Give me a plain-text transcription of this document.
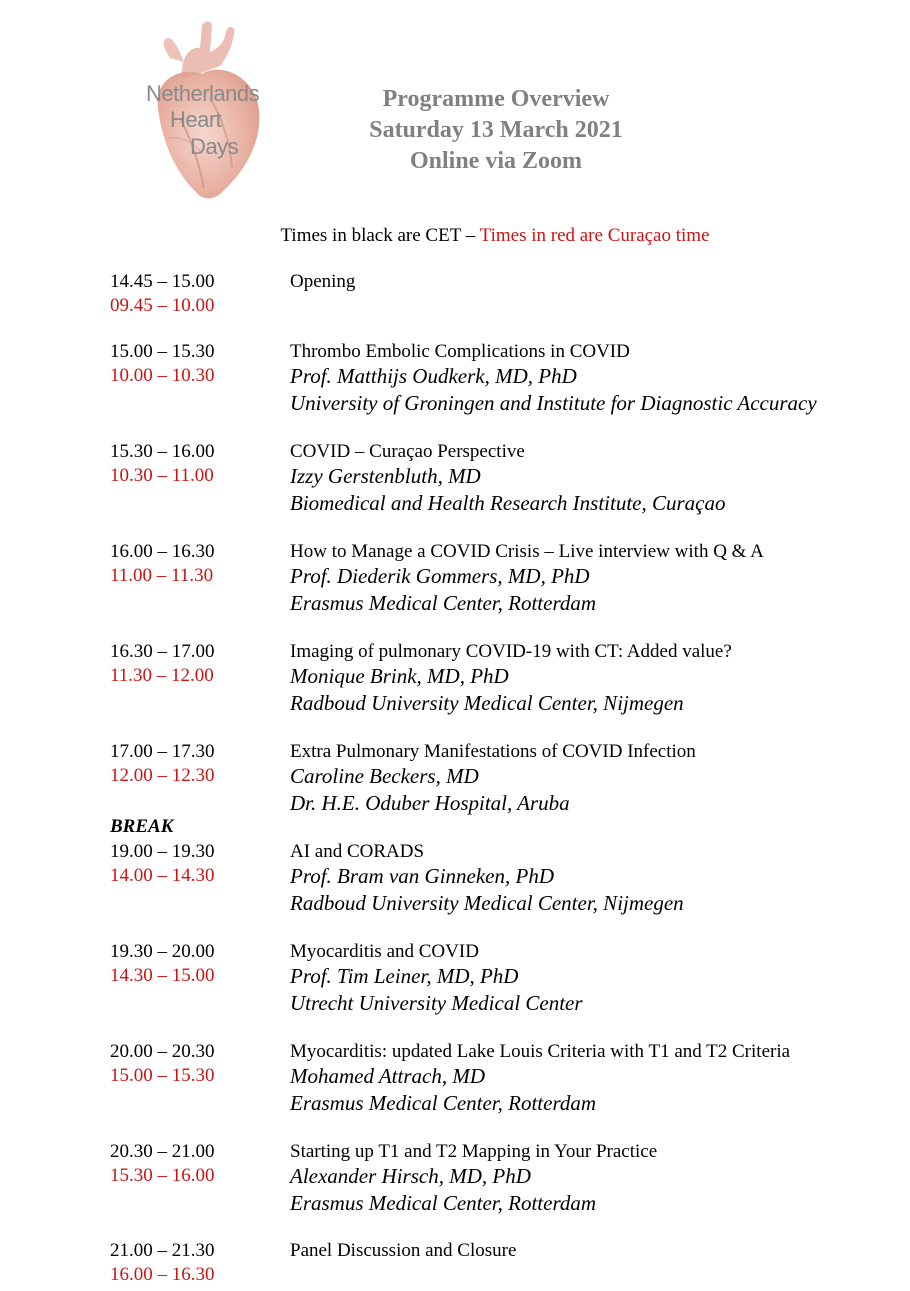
Netherlands
Heart
Days
Programme Overview
Saturday 13 March 2021
Online via Zoom
Times in black are CET – Times in red are Curaçao time
14.45 – 15.00
09.45 – 10.00
Opening
15.00 – 15.30
10.00 – 10.30
Thrombo Embolic Complications in COVID
Prof. Matthijs Oudkerk, MD, PhD
University of Groningen and Institute for Diagnostic Accuracy
15.30 – 16.00
10.30 – 11.00
COVID – Curaçao Perspective
Izzy Gerstenbluth, MD
Biomedical and Health Research Institute, Curaçao
16.00 – 16.30
11.00 – 11.30
How to Manage a COVID Crisis – Live interview with Q & A
Prof. Diederik Gommers, MD, PhD
Erasmus Medical Center, Rotterdam
16.30 – 17.00
11.30 – 12.00
Imaging of pulmonary COVID-19 with CT: Added value?
Monique Brink, MD, PhD
Radboud University Medical Center, Nijmegen
17.00 – 17.30
12.00 – 12.30
Extra Pulmonary Manifestations of COVID Infection
Caroline Beckers, MD
Dr. H.E. Oduber Hospital, Aruba
BREAK
19.00 – 19.30
14.00 – 14.30
AI and CORADS
Prof. Bram van Ginneken, PhD
Radboud University Medical Center, Nijmegen
19.30 – 20.00
14.30 – 15.00
Myocarditis and COVID
Prof. Tim Leiner, MD, PhD
Utrecht University Medical Center
20.00 – 20.30
15.00 – 15.30
Myocarditis: updated Lake Louis Criteria with T1 and T2 Criteria
Mohamed Attrach, MD
Erasmus Medical Center, Rotterdam
20.30 – 21.00
15.30 – 16.00
Starting up T1 and T2 Mapping in Your Practice
Alexander Hirsch, MD, PhD
Erasmus Medical Center, Rotterdam
21.00 – 21.30
16.00 – 16.30
Panel Discussion and Closure
